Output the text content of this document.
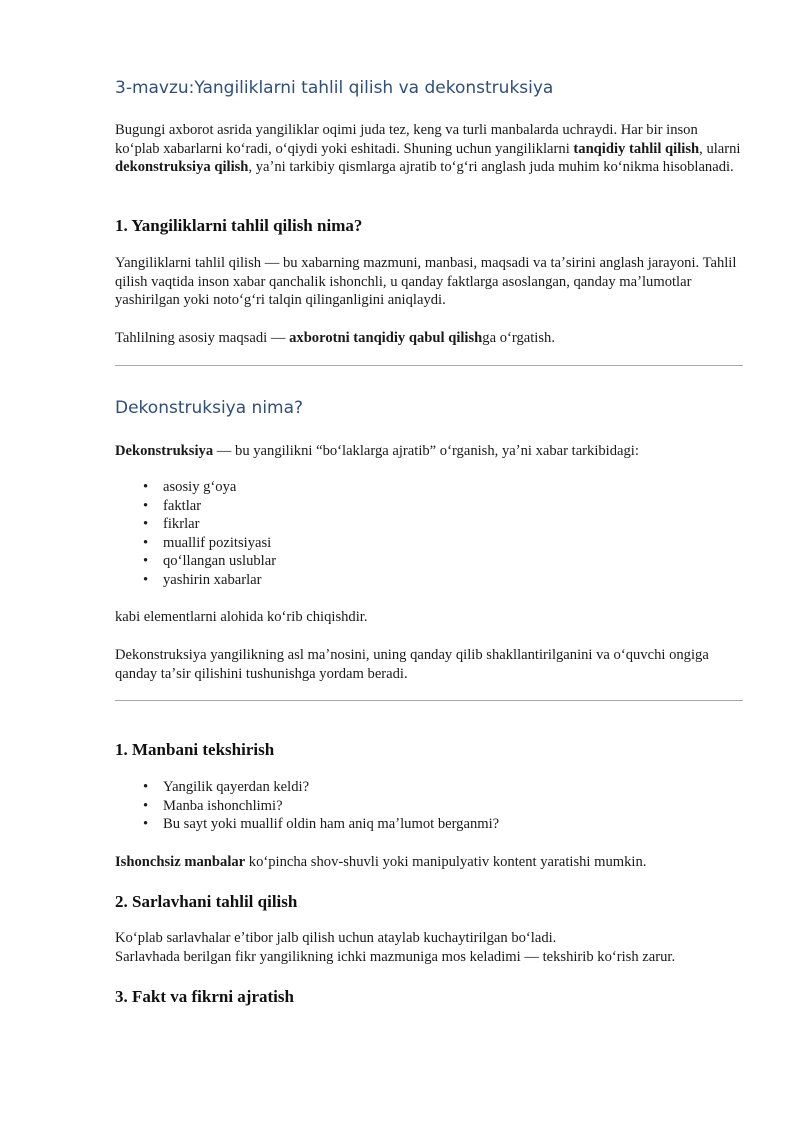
3-mavzu:Yangiliklarni tahlil qilish va dekonstruksiya

Bugungi axborot asrida yangiliklar oqimi juda tez, keng va turli manbalarda uchraydi. Har bir inson koʻplab xabarlarni koʻradi, oʻqiydi yoki eshitadi. Shuning uchun yangiliklarni tanqidiy tahlil qilish, ularni dekonstruksiya qilish, yaʼni tarkibiy qismlarga ajratib toʻgʻri anglash juda muhim koʻnikma hisoblanadi.

1. Yangiliklarni tahlil qilish nima?

Yangiliklarni tahlil qilish — bu xabarning mazmuni, manbasi, maqsadi va taʼsirini anglash jarayoni. Tahlil qilish vaqtida inson xabar qanchalik ishonchli, u qanday faktlarga asoslangan, qanday maʼlumotlar yashirilgan yoki notoʻgʻri talqin qilinganligini aniqlaydi.

Tahlilning asosiy maqsadi — axborotni tanqidiy qabul qilishga oʻrgatish.

Dekonstruksiya nima?

Dekonstruksiya — bu yangilikni “boʻlaklarga ajratib” oʻrganish, yaʼni xabar tarkibidagi:

• asosiy gʻoya
• faktlar
• fikrlar
• muallif pozitsiyasi
• qoʻllangan uslublar
• yashirin xabarlar

kabi elementlarni alohida koʻrib chiqishdir.

Dekonstruksiya yangilikning asl maʼnosini, uning qanday qilib shakllantirilganini va oʻquvchi ongiga qanday taʼsir qilishini tushunishga yordam beradi.

1. Manbani tekshirish
• Yangilik qayerdan keldi?
• Manba ishonchlimi?
• Bu sayt yoki muallif oldin ham aniq maʼlumot berganmi?

Ishonchsiz manbalar koʻpincha shov-shuvli yoki manipulyativ kontent yaratishi mumkin.

2. Sarlavhani tahlil qilish

Koʻplab sarlavhalar eʼtibor jalb qilish uchun ataylab kuchaytirilgan boʻladi.

Sarlavhada berilgan fikr yangilikning ichki mazmuniga mos keladimi — tekshirib koʻrish zarur.

3. Fakt va fikrni ajratish
